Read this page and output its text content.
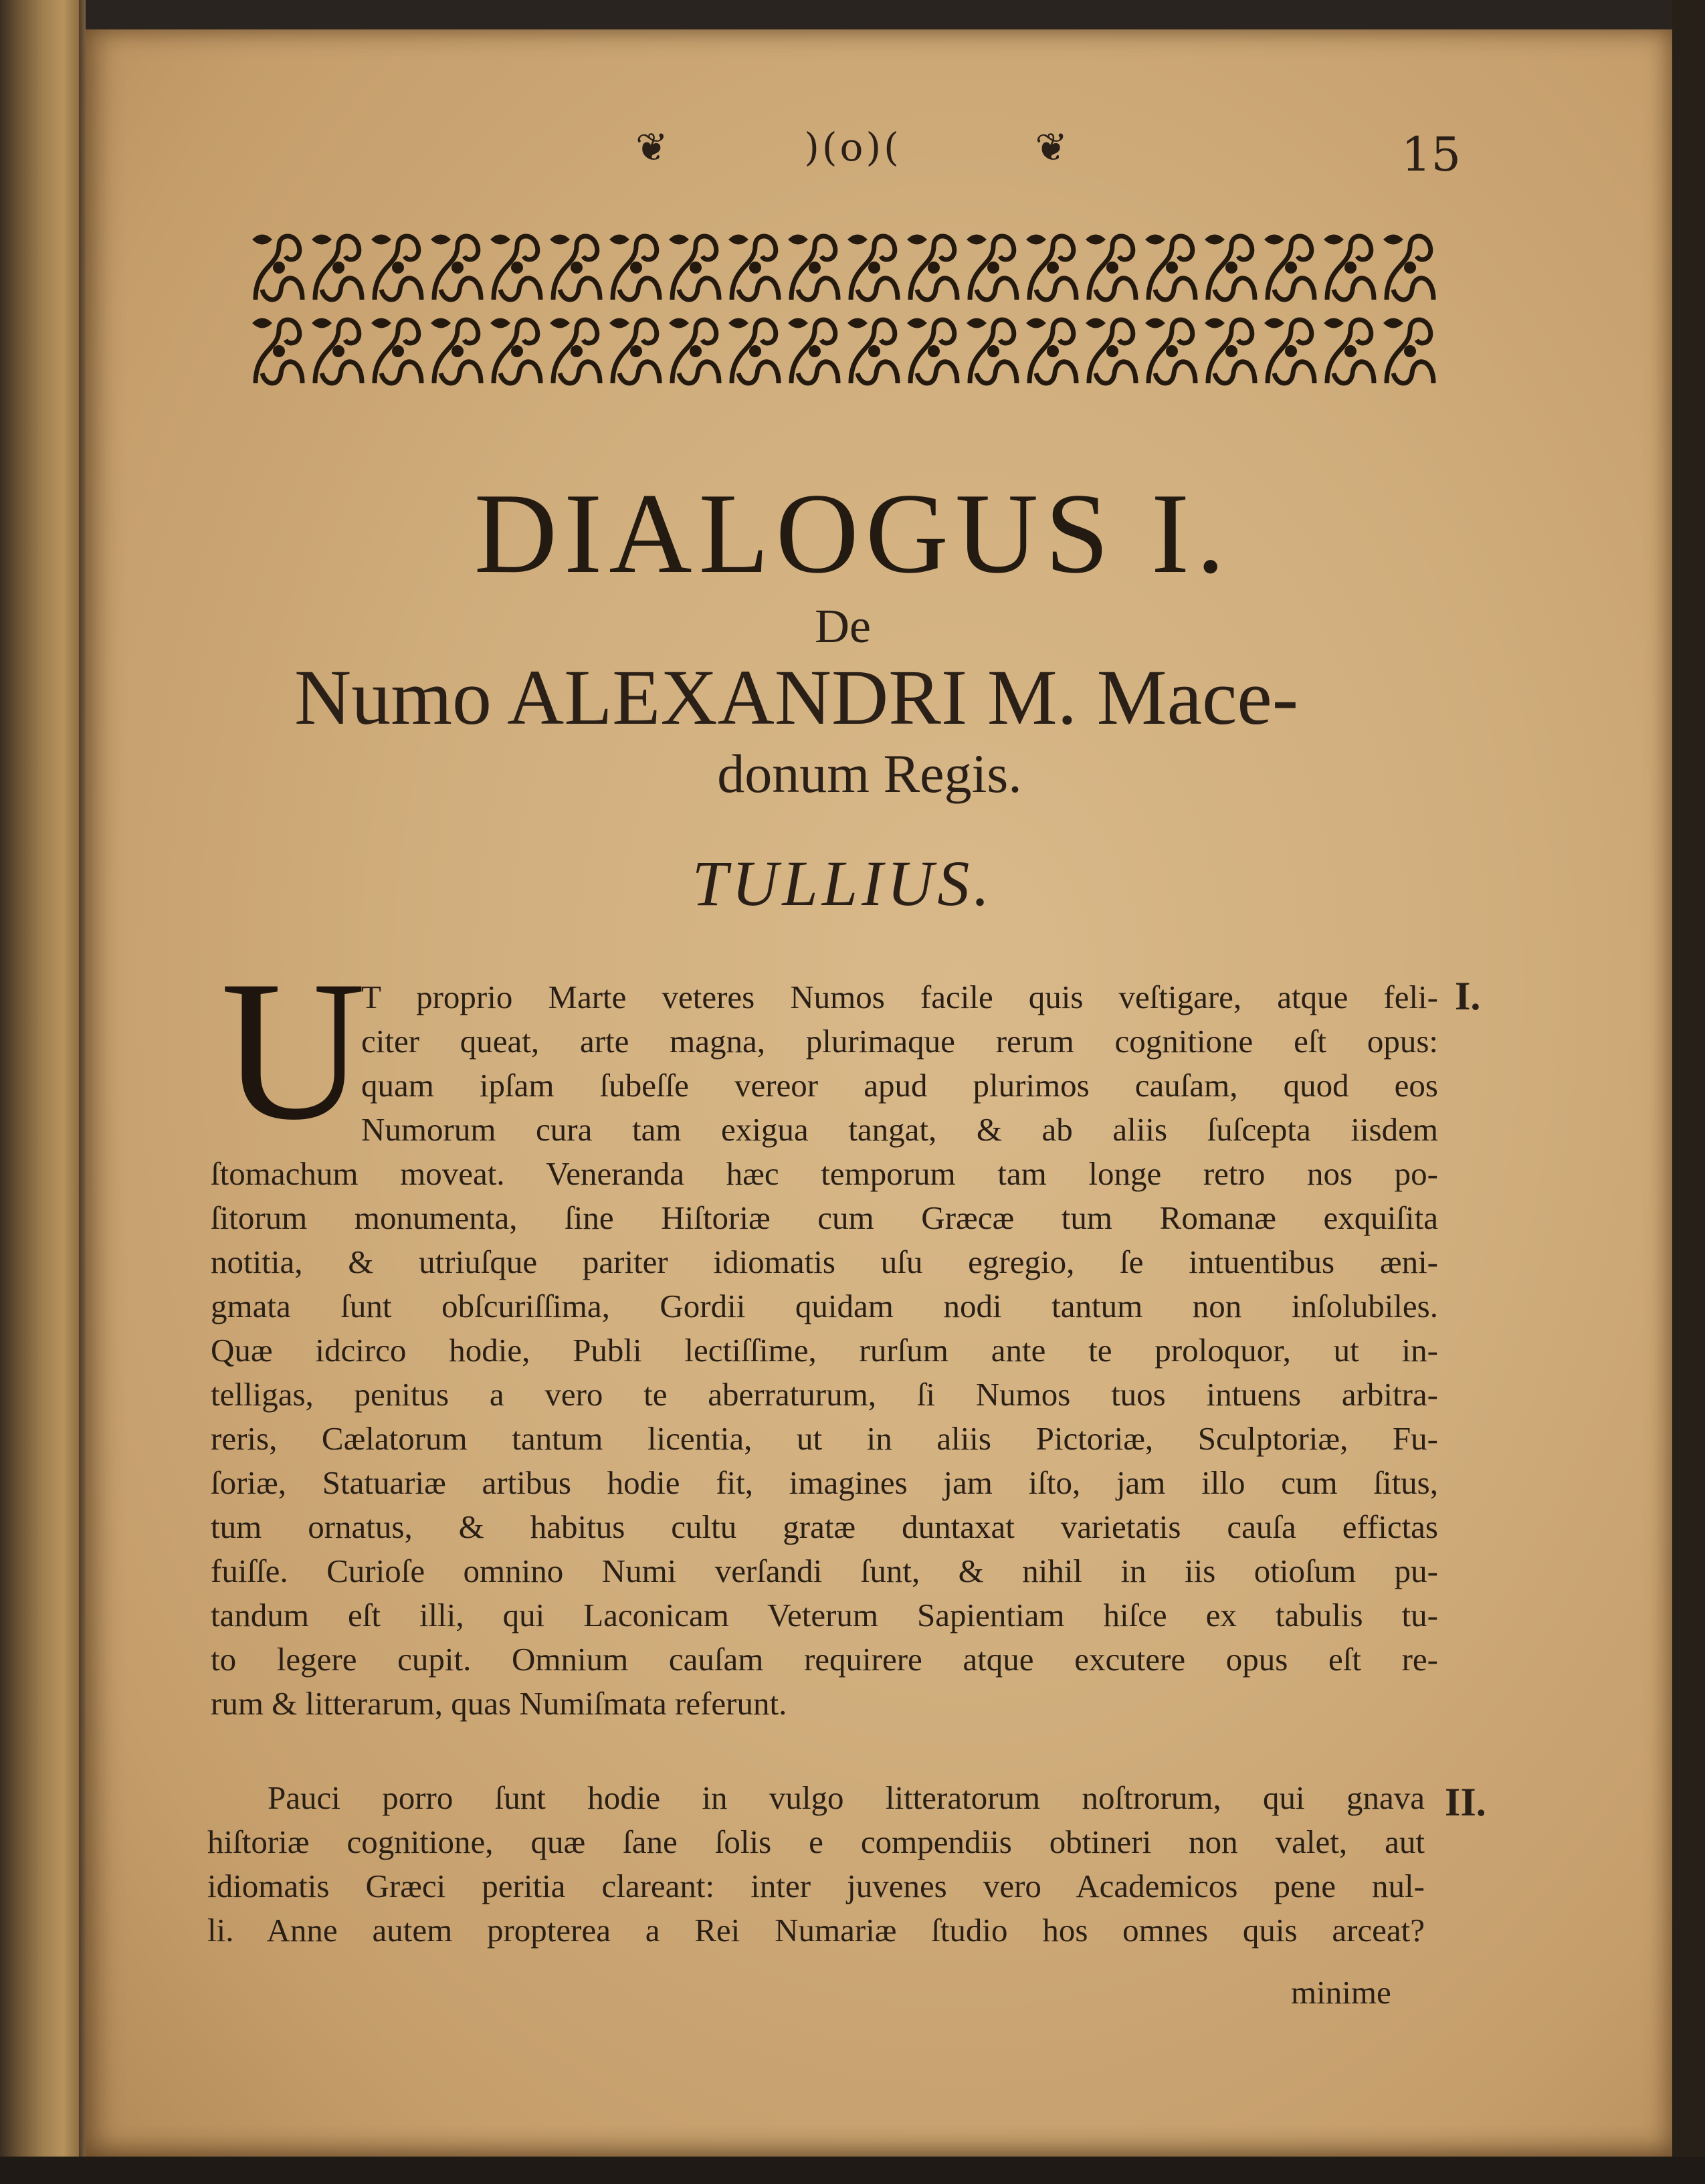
❦	)(o)(	❦	15
DIALOGUS I.
De
Numo ALEXANDRI M. Mace-
donum Regis.
TULLIUS.
U
T proprio Marte veteres Numos facile quis veſtigare, atque feli-
citer queat, arte magna, plurimaque rerum cognitione eſt opus:
quam ipſam ſubeſſe vereor apud plurimos cauſam, quod eos
Numorum cura tam exigua tangat, & ab aliis ſuſcepta iisdem
ſtomachum moveat. Veneranda hæc temporum tam longe retro nos po-
ſitorum monumenta, ſine Hiſtoriæ cum Græcæ tum Romanæ exquiſita
notitia, & utriuſque pariter idiomatis uſu egregio, ſe intuentibus æni-
gmata ſunt obſcuriſſima, Gordii quidam nodi tantum non inſolubiles.
Quæ idcirco hodie, Publi lectiſſime, rurſum ante te proloquor, ut in-
telligas, penitus a vero te aberraturum, ſi Numos tuos intuens arbitra-
reris, Cælatorum tantum licentia, ut in aliis Pictoriæ, Sculptoriæ, Fu-
ſoriæ, Statuariæ artibus hodie fit, imagines jam iſto, jam illo cum ſitus,
tum ornatus, & habitus cultu gratæ duntaxat varietatis cauſa effictas
fuiſſe. Curioſe omnino Numi verſandi ſunt, & nihil in iis otioſum pu-
tandum eſt illi, qui Laconicam Veterum Sapientiam hiſce ex tabulis tu-
to legere cupit. Omnium cauſam requirere atque excutere opus eſt re-
rum & litterarum, quas Numiſmata referunt.
Pauci porro ſunt hodie in vulgo litteratorum noſtrorum, qui gnava
hiſtoriæ cognitione, quæ ſane ſolis e compendiis obtineri non valet, aut
idiomatis Græci peritia clareant: inter juvenes vero Academicos pene nul-
li. Anne autem propterea a Rei Numariæ ſtudio hos omnes quis arceat?
minime
I.
II.
